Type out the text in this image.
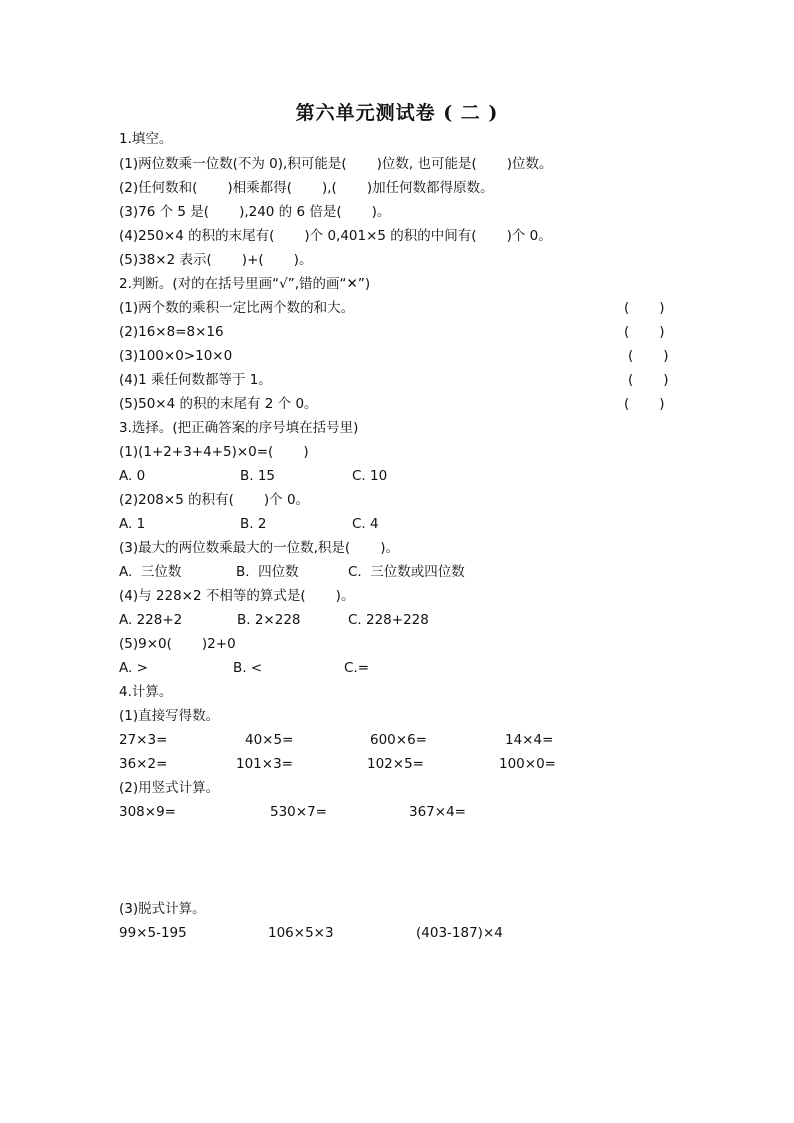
第六单元测试卷 ( 二 )
1.填空。
(1)两位数乘一位数(不为 0),积可能是(       )位数, 也可能是(       )位数。
(2)任何数和(       )相乘都得(       ),(       )加任何数都得原数。
(3)76 个 5 是(       ),240 的 6 倍是(       )。
(4)250×4 的积的末尾有(       )个 0,401×5 的积的中间有(       )个 0。
(5)38×2 表示(       )+(       )。
2.判断。(对的在括号里画“√”,错的画“✕”)
(1)两个数的乘积一定比两个数的和大。	(       )
(2)16×8=8×16	(       )
(3)100×0>10×0	(       )
(4)1 乘任何数都等于 1。	(       )
(5)50×4 的积的末尾有 2 个 0。	(       )
3.选择。(把正确答案的序号填在括号里)
(1)(1+2+3+4+5)×0=(       )
A. 0	B. 15	C. 10
(2)208×5 的积有(       )个 0。
A. 1	B. 2	C. 4
(3)最大的两位数乘最大的一位数,积是(       )。
A.  三位数	B.  四位数	C.  三位数或四位数
(4)与 228×2 不相等的算式是(       )。
A. 228+2	B. 2×228	C. 228+228
(5)9×0(       )2+0
A. >	B. <	C.=
4.计算。
(1)直接写得数。
27×3=	40×5=	600×6=	14×4=
36×2=	101×3=	102×5=	100×0=
(2)用竖式计算。
308×9=	530×7=	367×4=
(3)脱式计算。
99×5-195	106×5×3	(403-187)×4
